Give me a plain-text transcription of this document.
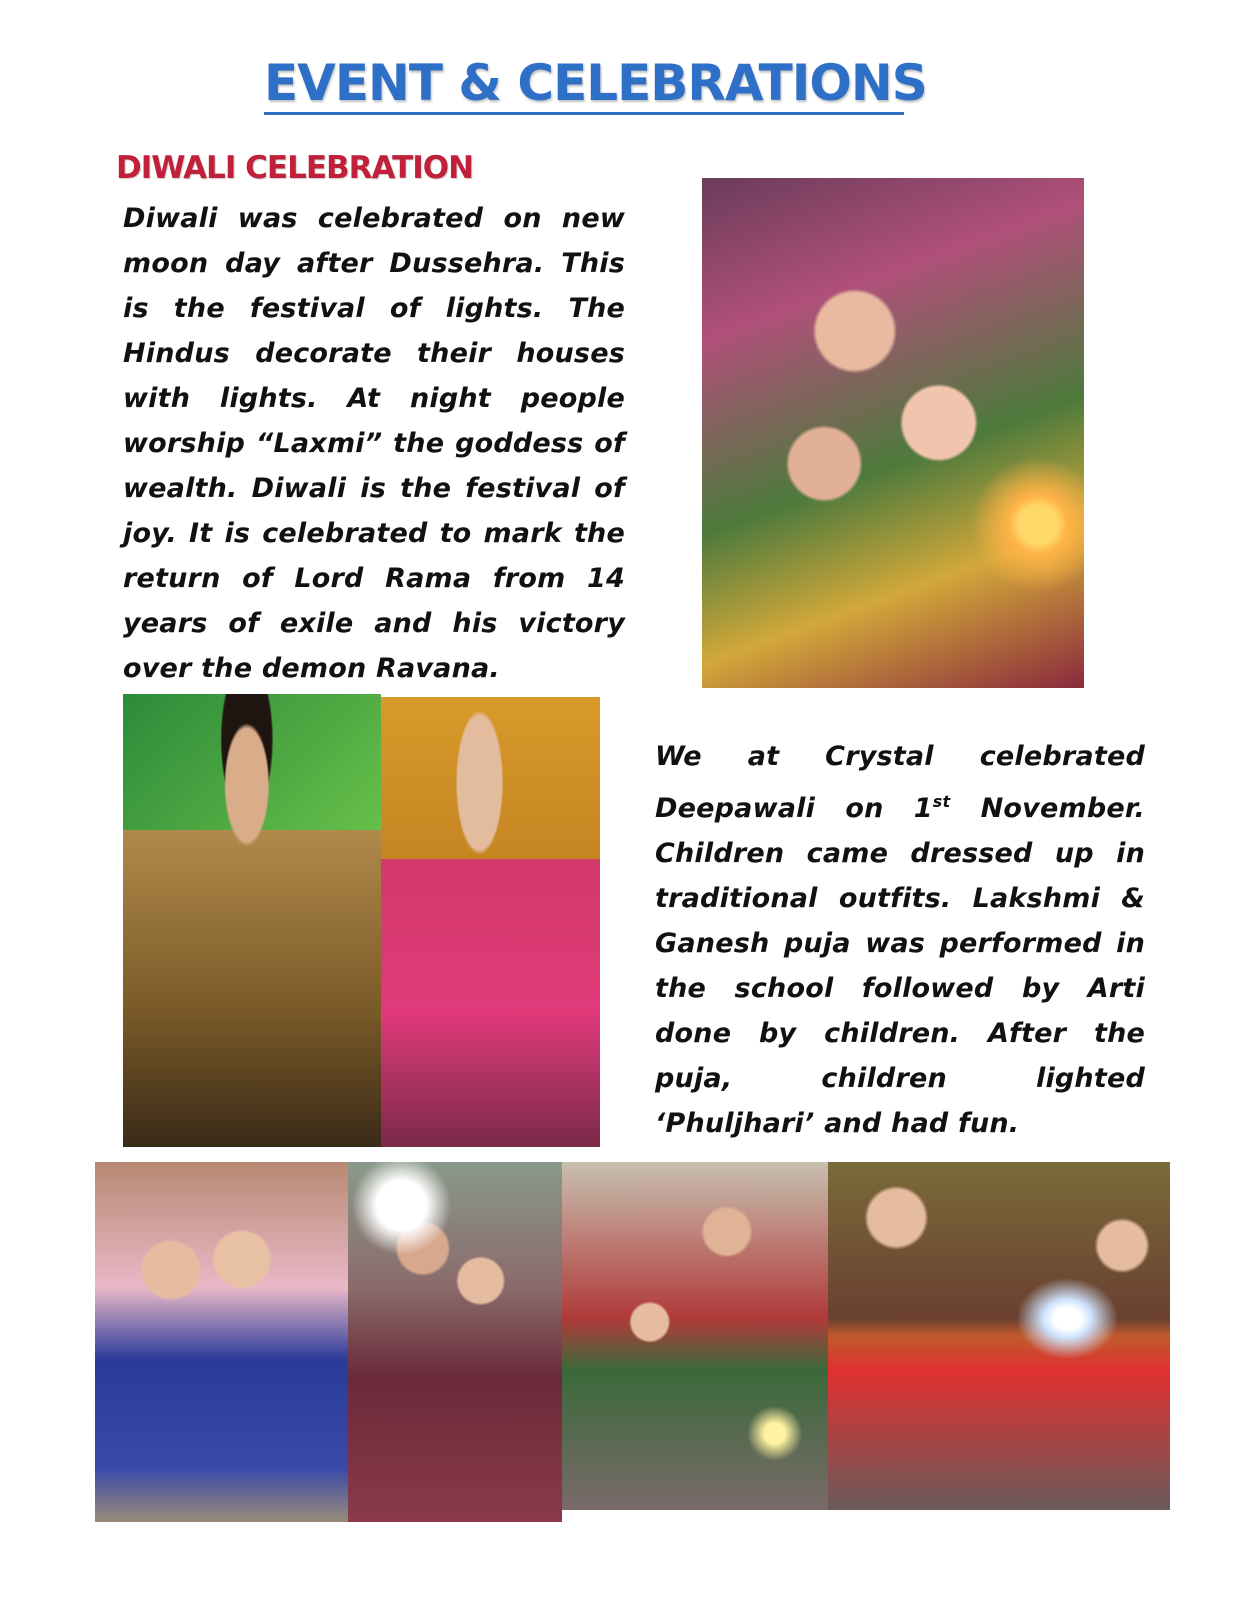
EVENT & CELEBRATIONS
DIWALI CELEBRATION

Diwali was celebrated on new moon day after Dussehra. This is the festival of lights. The Hindus decorate their houses with lights. At night people worship “Laxmi” the goddess of wealth. Diwali is the festival of joy. It is celebrated to mark the return of Lord Rama from 14 years of exile and his victory over the demon Ravana.

We at Crystal celebrated Deepawali on 1st November. Children came dressed up in traditional outfits. Lakshmi & Ganesh puja was performed in the school followed by Arti done by children. After the puja, children lighted ‘Phuljhari’ and had fun.
